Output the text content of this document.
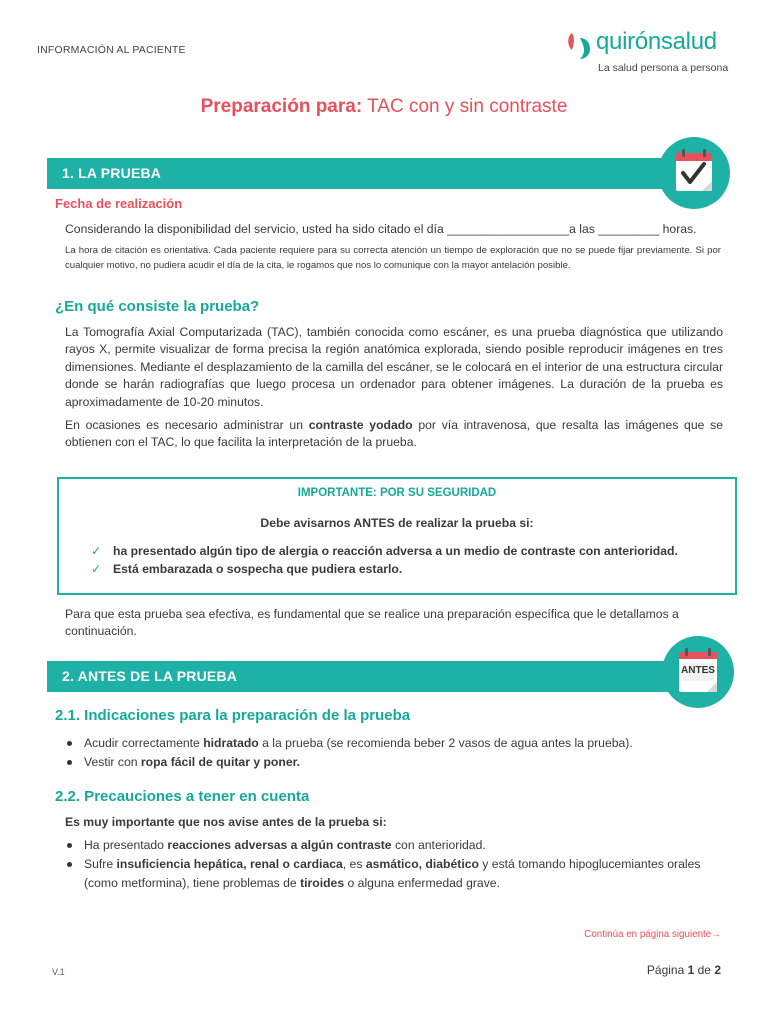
INFORMACIÓN AL PACIENTE	quirónsalud
La salud persona a persona
Preparación para: TAC con y sin contraste
1. LA PRUEBA
Fecha de realización
Considerando la disponibilidad del servicio, usted ha sido citado el día __________________a las _________ horas.
La hora de citación es orientativa. Cada paciente requiere para su correcta atención un tiempo de exploración que no se puede fijar previamente. Si por cualquier motivo, no pudiera acudir el día de la cita, le rogamos que nos lo comunique con la mayor antelación posible.
¿En qué consiste la prueba?
La Tomografía Axial Computarizada (TAC), también conocida como escáner, es una prueba diagnóstica que utilizando rayos X, permite visualizar de forma precisa la región anatómica explorada, siendo posible reproducir imágenes en tres dimensiones. Mediante el desplazamiento de la camilla del escáner, se le colocará en el interior de una estructura circular donde se harán radiografías que luego procesa un ordenador para obtener imágenes. La duración de la prueba es aproximadamente de 10-20 minutos.
En ocasiones es necesario administrar un contraste yodado por vía intravenosa, que resalta las imágenes que se obtienen con el TAC, lo que facilita la interpretación de la prueba.
IMPORTANTE: POR SU SEGURIDAD
Debe avisarnos ANTES de realizar la prueba si:
✓ ha presentado algún tipo de alergia o reacción adversa a un medio de contraste con anterioridad.
✓ Está embarazada o sospecha que pudiera estarlo.
Para que esta prueba sea efectiva, es fundamental que se realice una preparación específica que le detallamos a continuación.
2. ANTES DE LA PRUEBA	ANTES
2.1. Indicaciones para la preparación de la prueba
Acudir correctamente hidratado a la prueba (se recomienda beber 2 vasos de agua antes la prueba).
Vestir con ropa fácil de quitar y poner.
2.2. Precauciones a tener en cuenta
Es muy importante que nos avise antes de la prueba si:
Ha presentado reacciones adversas a algún contraste con anterioridad.
Sufre insuficiencia hepática, renal o cardiaca, es asmático, diabético y está tomando hipoglucemiantes orales (como metformina), tiene problemas de tiroides o alguna enfermedad grave.
Continúa en página siguiente→
V.1	Página 1 de 2
